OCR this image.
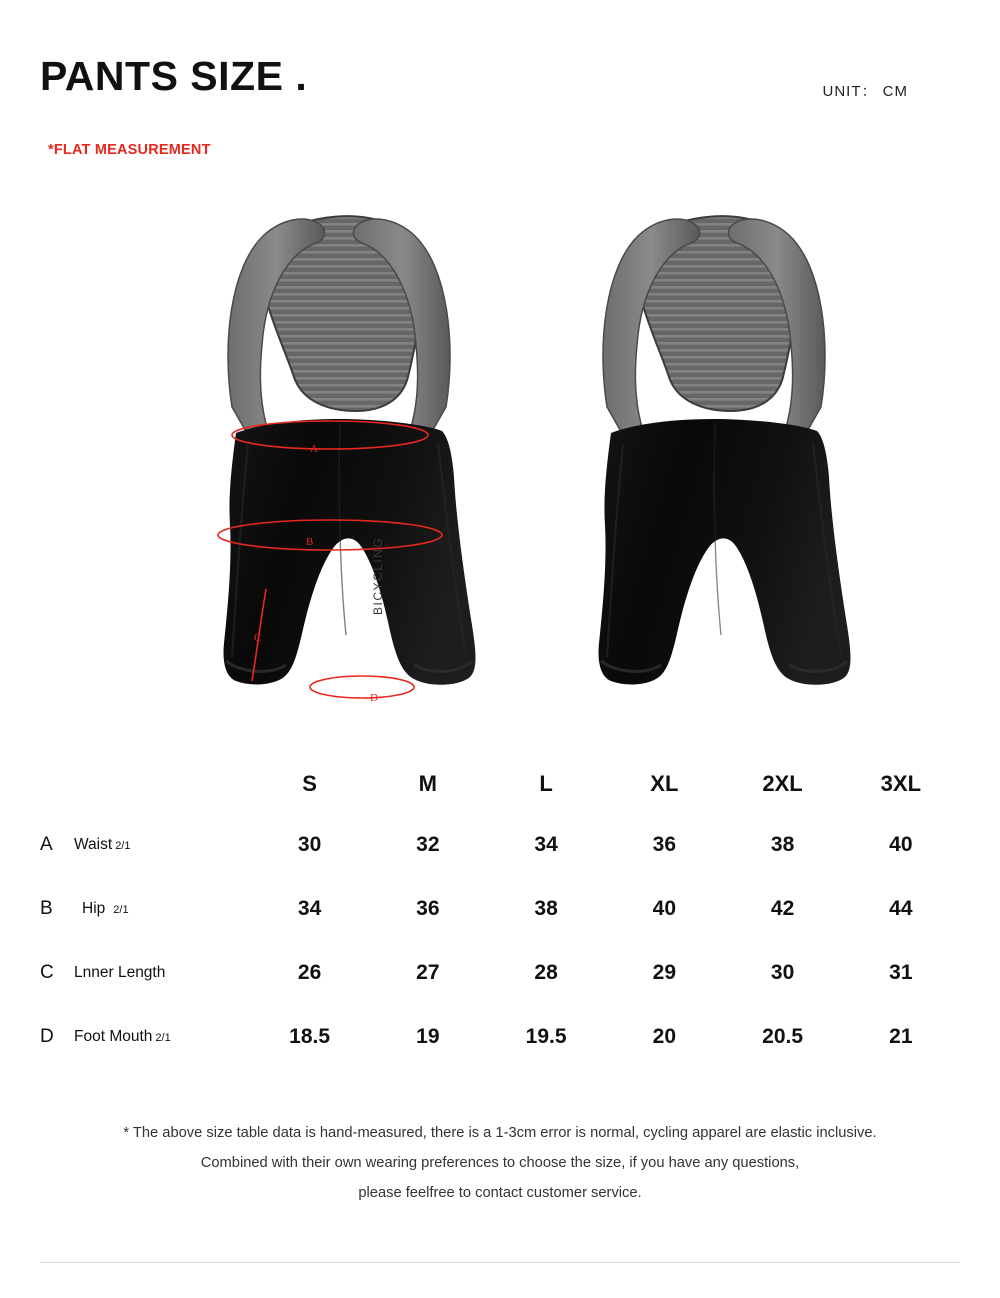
PANTS SIZE .	UNIT： CM
*FLAT MEASUREMENT
BICYCLING
A
B
C
D
	S	M	L	XL	2XL	3XL
A Waist 2/1	30	32	34	36	38	40
B Hip 2/1	34	36	38	40	42	44
C Lnner Length	26	27	28	29	30	31
D Foot Mouth 2/1	18.5	19	19.5	20	20.5	21
* The above size table data is hand-measured, there is a 1-3cm error is normal, cycling apparel are elastic inclusive.
Combined with their own wearing preferences to choose the size, if you have any questions,
please feelfree to contact customer service.
